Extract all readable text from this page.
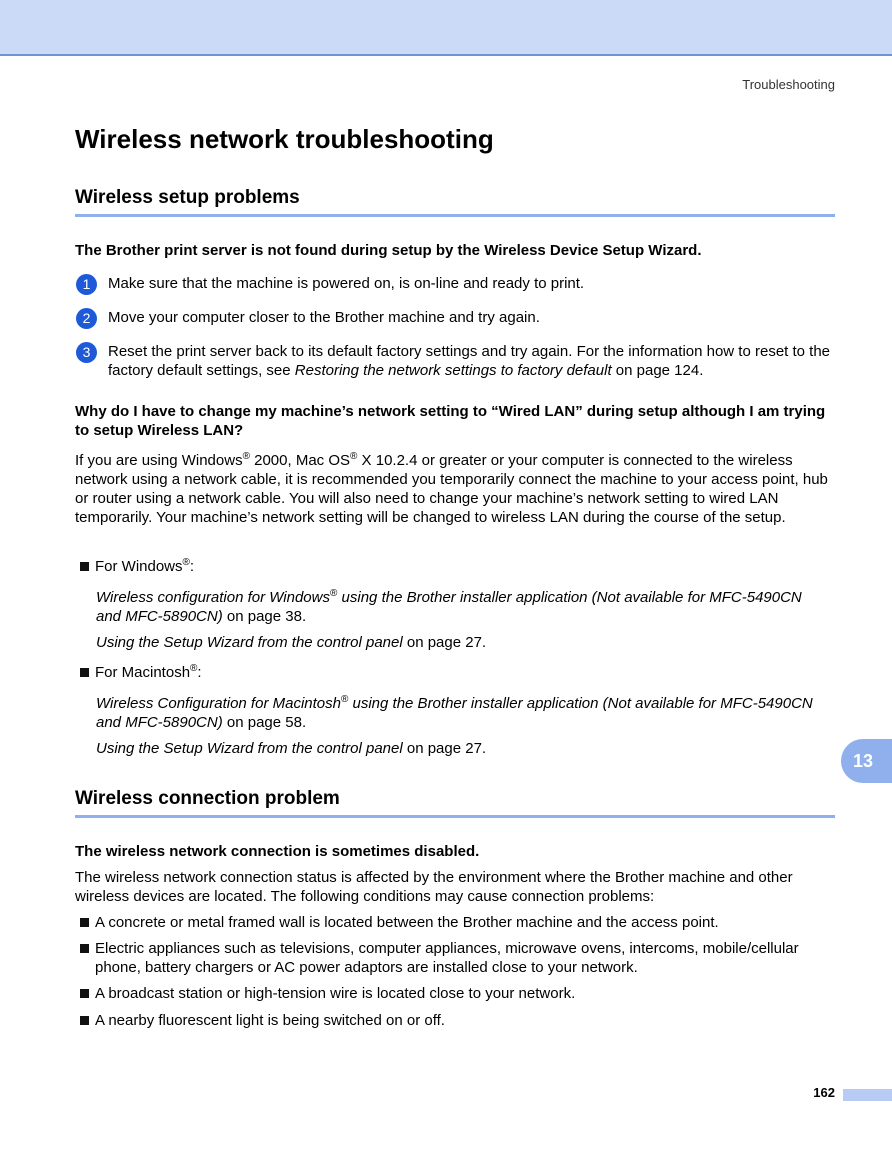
Troubleshooting
Wireless network troubleshooting
Wireless setup problems

The Brother print server is not found during setup by the Wireless Device Setup Wizard.

1	Make sure that the machine is powered on, is on-line and ready to print.
2	Move your computer closer to the Brother machine and try again.
3	Reset the print server back to its default factory settings and try again. For the information how to reset to the factory default settings, see Restoring the network settings to factory default on page 124.

Why do I have to change my machine’s network setting to “Wired LAN” during setup although I am trying to setup Wireless LAN?

If you are using Windows® 2000, Mac OS® X 10.2.4 or greater or your computer is connected to the wireless network using a network cable, it is recommended you temporarily connect the machine to your access point, hub or router using a network cable. You will also need to change your machine’s network setting to wired LAN temporarily. Your machine’s network setting will be changed to wireless LAN during the course of the setup.

For Windows®:
Wireless configuration for Windows® using the Brother installer application (Not available for MFC-5490CN and MFC-5890CN) on page 38.
Using the Setup Wizard from the control panel on page 27.
For Macintosh®:
Wireless Configuration for Macintosh® using the Brother installer application (Not available for MFC-5490CN and MFC-5890CN) on page 58.
Using the Setup Wizard from the control panel on page 27.
13
Wireless connection problem

The wireless network connection is sometimes disabled.

The wireless network connection status is affected by the environment where the Brother machine and other wireless devices are located. The following conditions may cause connection problems:

A concrete or metal framed wall is located between the Brother machine and the access point.
Electric appliances such as televisions, computer appliances, microwave ovens, intercoms, mobile/cellular phone, battery chargers or AC power adaptors are installed close to your network.
A broadcast station or high-tension wire is located close to your network.
A nearby fluorescent light is being switched on or off.
162
